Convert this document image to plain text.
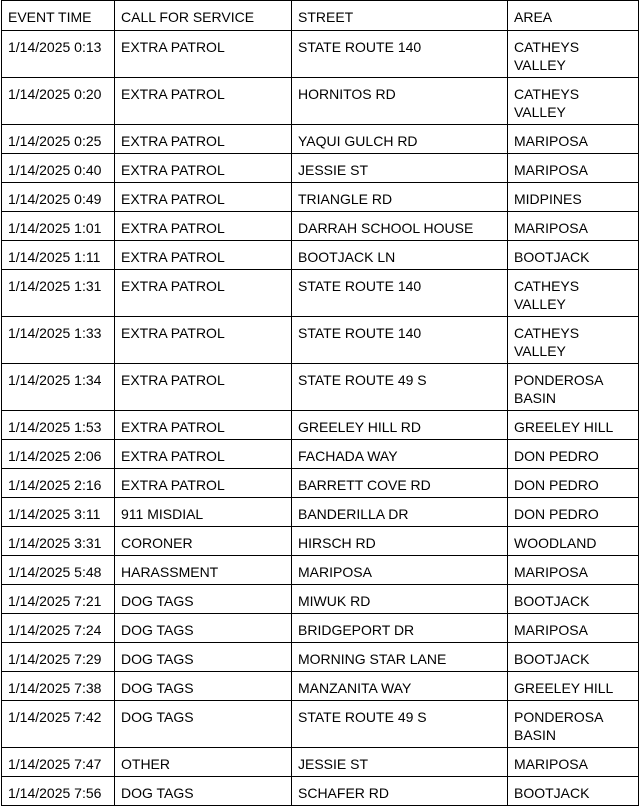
EVENT TIME	CALL FOR SERVICE	STREET	AREA
1/14/2025 0:13	EXTRA PATROL	STATE ROUTE 140	CATHEYS VALLEY
1/14/2025 0:20	EXTRA PATROL	HORNITOS RD	CATHEYS VALLEY
1/14/2025 0:25	EXTRA PATROL	YAQUI GULCH RD	MARIPOSA
1/14/2025 0:40	EXTRA PATROL	JESSIE ST	MARIPOSA
1/14/2025 0:49	EXTRA PATROL	TRIANGLE RD	MIDPINES
1/14/2025 1:01	EXTRA PATROL	DARRAH SCHOOL HOUSE	MARIPOSA
1/14/2025 1:11	EXTRA PATROL	BOOTJACK LN	BOOTJACK
1/14/2025 1:31	EXTRA PATROL	STATE ROUTE 140	CATHEYS VALLEY
1/14/2025 1:33	EXTRA PATROL	STATE ROUTE 140	CATHEYS VALLEY
1/14/2025 1:34	EXTRA PATROL	STATE ROUTE 49 S	PONDEROSA BASIN
1/14/2025 1:53	EXTRA PATROL	GREELEY HILL RD	GREELEY HILL
1/14/2025 2:06	EXTRA PATROL	FACHADA WAY	DON PEDRO
1/14/2025 2:16	EXTRA PATROL	BARRETT COVE RD	DON PEDRO
1/14/2025 3:11	911 MISDIAL	BANDERILLA DR	DON PEDRO
1/14/2025 3:31	CORONER	HIRSCH RD	WOODLAND
1/14/2025 5:48	HARASSMENT	MARIPOSA	MARIPOSA
1/14/2025 7:21	DOG TAGS	MIWUK RD	BOOTJACK
1/14/2025 7:24	DOG TAGS	BRIDGEPORT DR	MARIPOSA
1/14/2025 7:29	DOG TAGS	MORNING STAR LANE	BOOTJACK
1/14/2025 7:38	DOG TAGS	MANZANITA WAY	GREELEY HILL
1/14/2025 7:42	DOG TAGS	STATE ROUTE 49 S	PONDEROSA BASIN
1/14/2025 7:47	OTHER	JESSIE ST	MARIPOSA
1/14/2025 7:56	DOG TAGS	SCHAFER RD	BOOTJACK
